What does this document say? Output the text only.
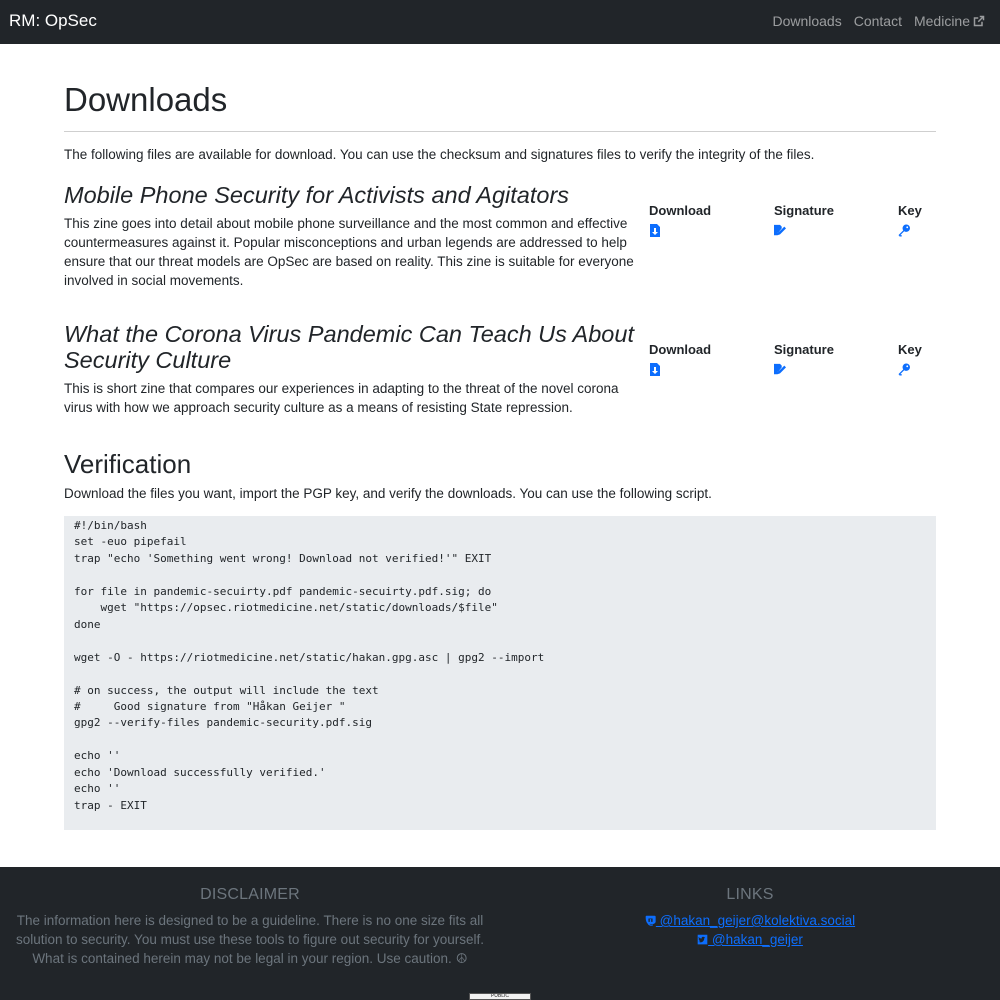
RM: OpSec	Downloads Contact Medicine
Downloads

The following files are available for download. You can use the checksum and signatures files to verify the integrity of the files.

Mobile Phone Security for Activists and Agitators

This zine goes into detail about mobile phone surveillance and the most common and effective countermeasures against it. Popular misconceptions and urban legends are addressed to help ensure that our threat models are OpSec are based on reality. This zine is suitable for everyone involved in social movements.

Download	Signature	Key
What the Corona Virus Pandemic Can Teach Us About Security Culture

This is short zine that compares our experiences in adapting to the threat of the novel corona virus with how we approach security culture as a means of resisting State repression.

Download	Signature	Key
Verification

Download the files you want, import the PGP key, and verify the downloads. You can use the following script.

#!/bin/bash
set -euo pipefail
trap "echo 'Something went wrong! Download not verified!'" EXIT

for file in pandemic-secuirty.pdf pandemic-secuirty.pdf.sig; do
wget "https://opsec.riotmedicine.net/static/downloads/$file"
done

wget -O - https://riotmedicine.net/static/hakan.gpg.asc | gpg2 --import

# on success, the output will include the text
#     Good signature from "Håkan Geijer "
gpg2 --verify-files pandemic-security.pdf.sig

echo ''
echo 'Download successfully verified.'
echo ''
trap - EXIT
DISCLAIMER

The information here is designed to be a guideline. There is no one size fits all solution to security. You must use these tools to figure out security for yourself. What is contained herein may not be legal in your region. Use caution. ☮

LINKS
@hakan_geijer@kolektiva.social
@hakan_geijer
PUBLIC
